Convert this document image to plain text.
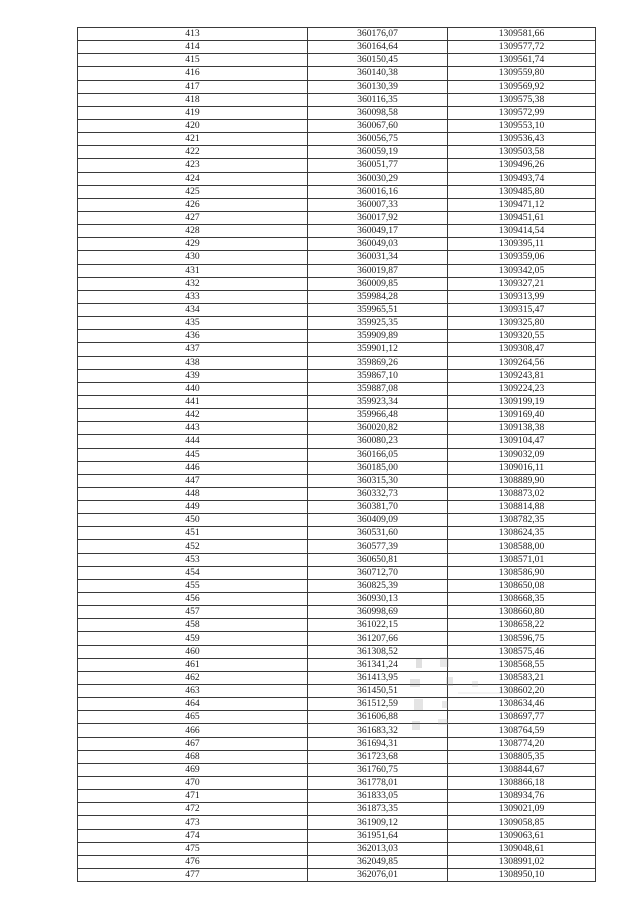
413	360176,07	1309581,66
414	360164,64	1309577,72
415	360150,45	1309561,74
416	360140,38	1309559,80
417	360130,39	1309569,92
418	360116,35	1309575,38
419	360098,58	1309572,99
420	360067,60	1309553,10
421	360056,75	1309536,43
422	360059,19	1309503,58
423	360051,77	1309496,26
424	360030,29	1309493,74
425	360016,16	1309485,80
426	360007,33	1309471,12
427	360017,92	1309451,61
428	360049,17	1309414,54
429	360049,03	1309395,11
430	360031,34	1309359,06
431	360019,87	1309342,05
432	360009,85	1309327,21
433	359984,28	1309313,99
434	359965,51	1309315,47
435	359925,35	1309325,80
436	359909,89	1309320,55
437	359901,12	1309308,47
438	359869,26	1309264,56
439	359867,10	1309243,81
440	359887,08	1309224,23
441	359923,34	1309199,19
442	359966,48	1309169,40
443	360020,82	1309138,38
444	360080,23	1309104,47
445	360166,05	1309032,09
446	360185,00	1309016,11
447	360315,30	1308889,90
448	360332,73	1308873,02
449	360381,70	1308814,88
450	360409,09	1308782,35
451	360531,60	1308624,35
452	360577,39	1308588,00
453	360650,81	1308571,01
454	360712,70	1308586,90
455	360825,39	1308650,08
456	360930,13	1308668,35
457	360998,69	1308660,80
458	361022,15	1308658,22
459	361207,66	1308596,75
460	361308,52	1308575,46
461	361341,24	1308568,55
462	361413,95	1308583,21
463	361450,51	1308602,20
464	361512,59	1308634,46
465	361606,88	1308697,77
466	361683,32	1308764,59
467	361694,31	1308774,20
468	361723,68	1308805,35
469	361760,75	1308844,67
470	361778,01	1308866,18
471	361833,05	1308934,76
472	361873,35	1309021,09
473	361909,12	1309058,85
474	361951,64	1309063,61
475	362013,03	1309048,61
476	362049,85	1308991,02
477	362076,01	1308950,10
